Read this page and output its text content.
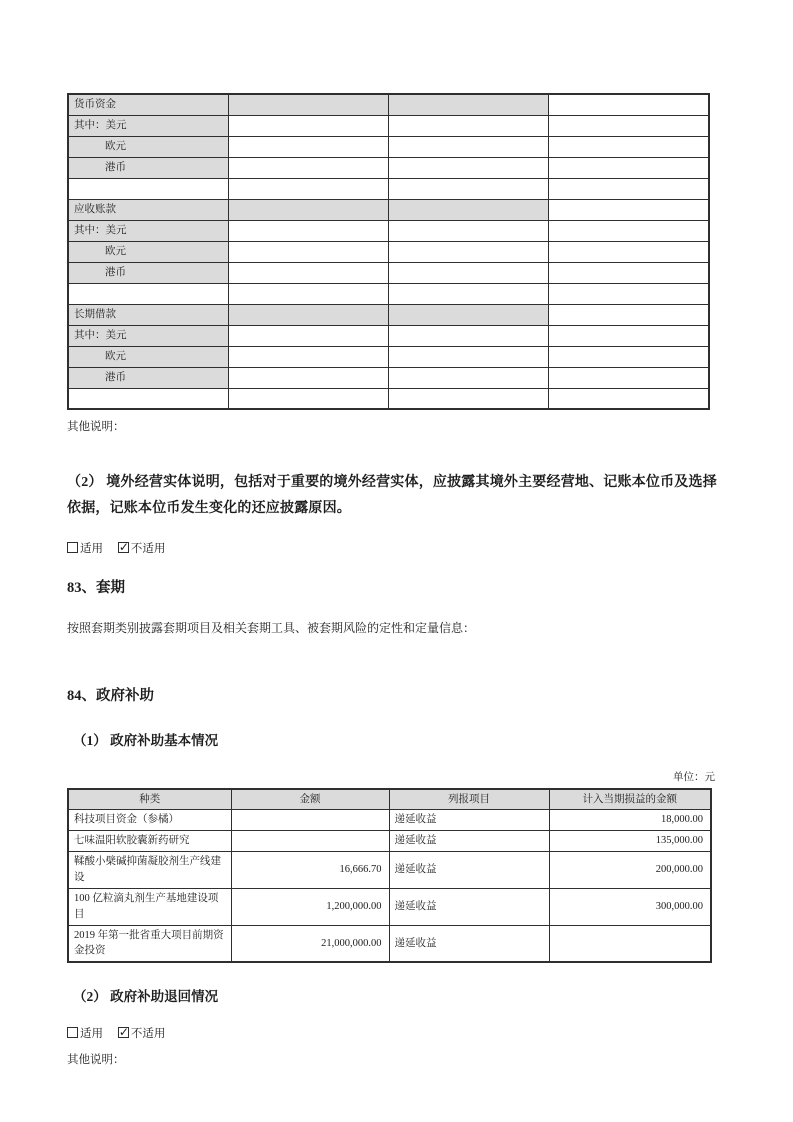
货币资金			
其中：美元			
欧元			
港币			

应收账款			
其中：美元			
欧元			
港币			

长期借款			
其中：美元			
欧元			
港币			

其他说明：

（2） 境外经营实体说明，包括对于重要的境外经营实体，应披露其境外主要经营地、记账本位币及选择依据，记账本位币发生变化的还应披露原因。

适用 ✓ 不适用

83、套期

按照套期类别披露套期项目及相关套期工具、被套期风险的定性和定量信息：

84、政府补助
（1） 政府补助基本情况

单位：元

种类	金额	列报项目	计入当期损益的金额
科技项目资金（参橘）		递延收益	18,000.00
七味温阳软胶囊新药研究		递延收益	135,000.00
鞣酸小檗碱抑菌凝胶剂生产线建设	16,666.70	递延收益	200,000.00
100 亿粒滴丸剂生产基地建设项目	1,200,000.00	递延收益	300,000.00
2019 年第一批省重大项目前期资金投资	21,000,000.00	递延收益	
（2） 政府补助退回情况

适用 ✓ 不适用

其他说明：
